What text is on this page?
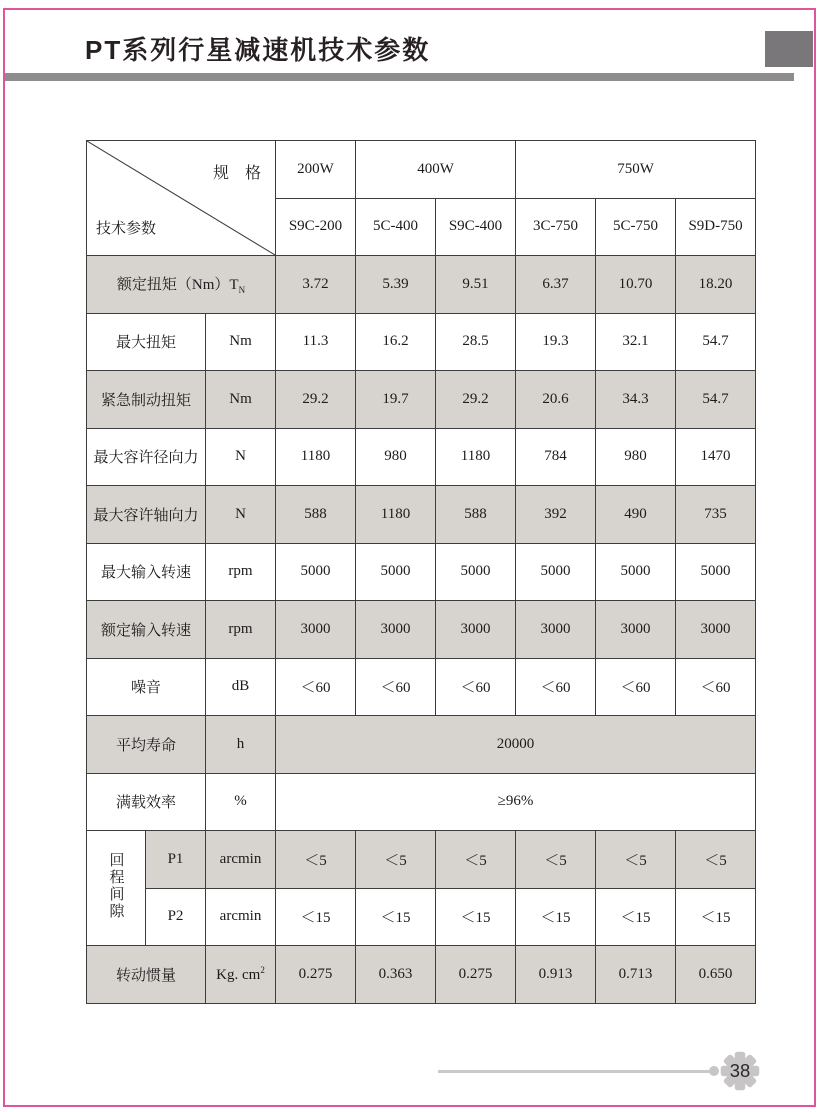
PT系列行星减速机技术参数
规　格
技术参数			200W	400W		750W		
			S9C-200	5C-400	S9C-400	3C-750	5C-750	S9D-750
额定扭矩$(Nm)T_N$			3.72	5.39	9.51	6.37	10.70	18.20
最大扭矩		Nm	11.3	16.2	28.5	19.3	32.1	54.7
紧急制动扭矩		Nm	29.2	19.7	29.2	20.6	34.3	54.7
最大容许径向力		N	1180	980	1180	784	980	1470
最大容许轴向力		N	588	1180	588	392	490	735
最大输入转速		rpm	5000	5000	5000	5000	5000	5000
额定输入转速		rpm	3000	3000	3000	3000	3000	3000
噪音		dB	＜60	＜60	＜60	＜60	＜60	＜60
平均寿命		h	20000					
满载效率		%	≥96%					
回程间隙	P1	arcmin	＜5	＜5	＜5	＜5	＜5	＜5
	P2	arcmin	＜15	＜15	＜15	＜15	＜15	＜15
转动惯量		Kg. $cm^2$	0.275	0.363	0.275	0.913	0.713	0.650
38
